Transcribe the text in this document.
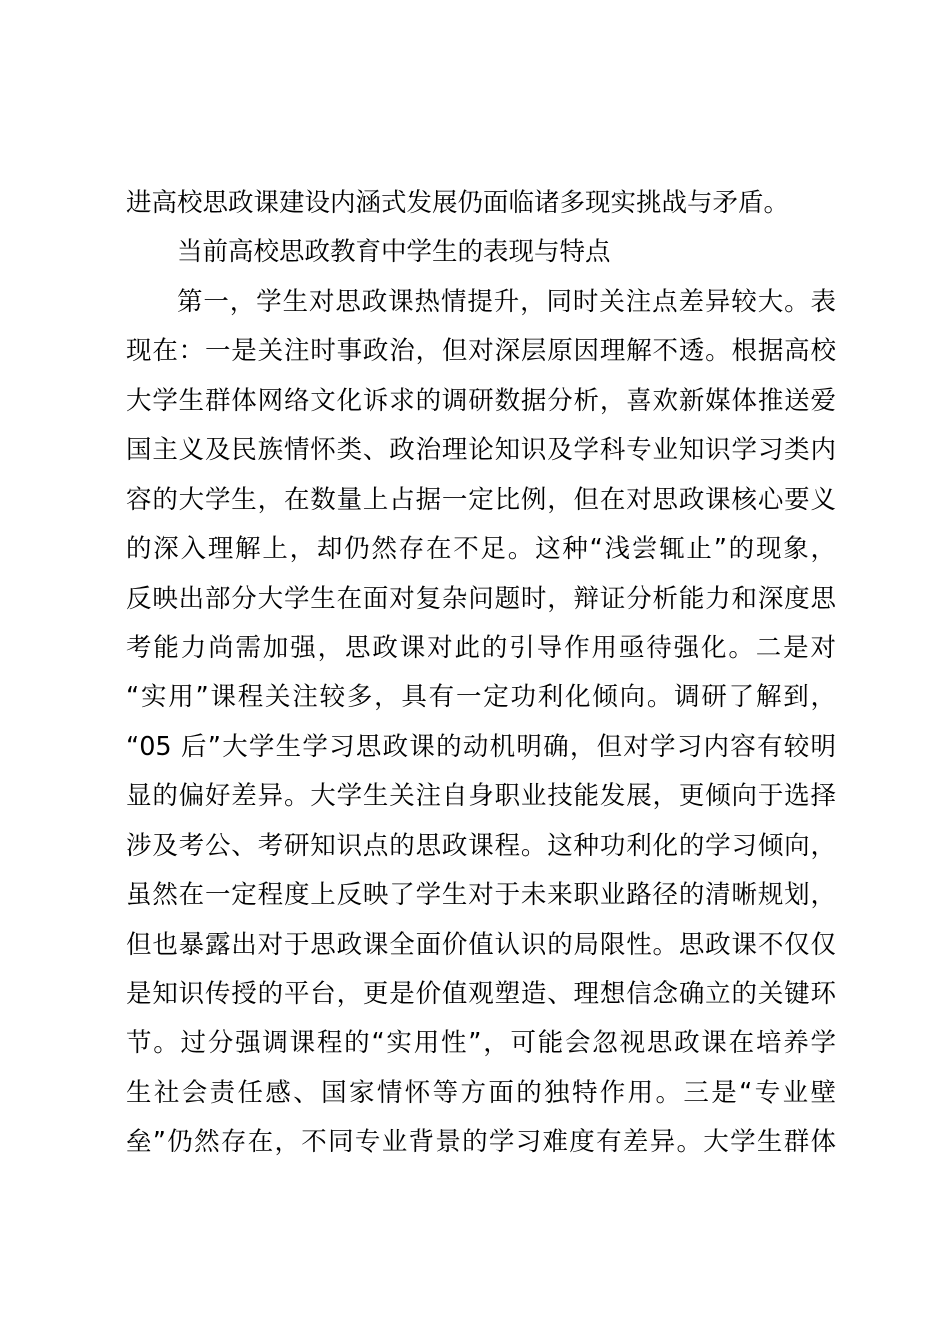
进高校思政课建设内涵式发展仍面临诸多现实挑战与矛盾。
当前高校思政教育中学生的表现与特点
第一，学生对思政课热情提升，同时关注点差异较大。表
现在：一是关注时事政治，但对深层原因理解不透。根据高校
大学生群体网络文化诉求的调研数据分析，喜欢新媒体推送爱
国主义及民族情怀类、政治理论知识及学科专业知识学习类内
容的大学生，在数量上占据一定比例，但在对思政课核心要义
的深入理解上，却仍然存在不足。这种“浅尝辄止”的现象，
反映出部分大学生在面对复杂问题时，辩证分析能力和深度思
考能力尚需加强，思政课对此的引导作用亟待强化。二是对
“实用”课程关注较多，具有一定功利化倾向。调研了解到，
“05 后”大学生学习思政课的动机明确，但对学习内容有较明
显的偏好差异。大学生关注自身职业技能发展，更倾向于选择
涉及考公、考研知识点的思政课程。这种功利化的学习倾向，
虽然在一定程度上反映了学生对于未来职业路径的清晰规划，
但也暴露出对于思政课全面价值认识的局限性。思政课不仅仅
是知识传授的平台，更是价值观塑造、理想信念确立的关键环
节。过分强调课程的“实用性”，可能会忽视思政课在培养学
生社会责任感、国家情怀等方面的独特作用。三是“专业壁
垒”仍然存在，不同专业背景的学习难度有差异。大学生群体
